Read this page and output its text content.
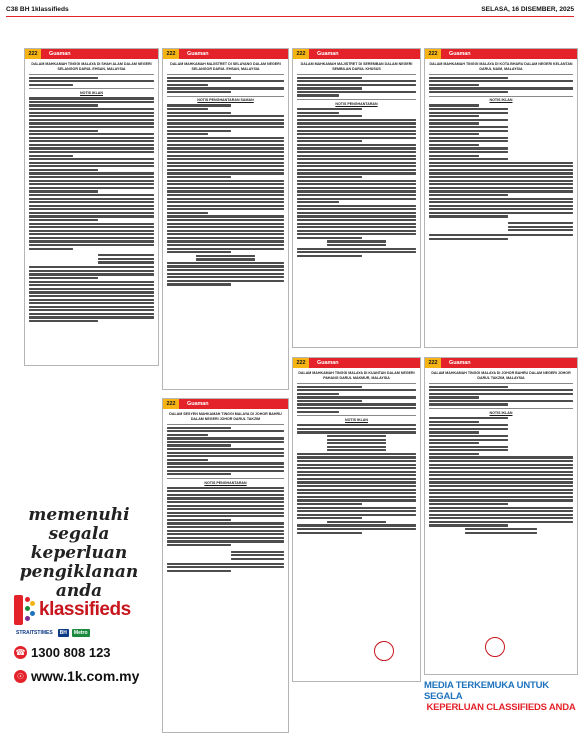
C38 BH 1klassifieds	SELASA, 16 DISEMBER, 2025
222	Guaman
DALAM MAHKAMAH TINGGI MALAYA DI SHAH ALAM DALAM NEGERI SELANGOR DARUL EHSAN, MALAYSIA
NOTIS IKLAN
memenuhi
segala
keperluan
pengiklanan
anda
klassifieds
STRAITSTIMES	BH	Metro
☎ 1300 808 123
☉ www.1k.com.my
222	Guaman
DALAM MAHKAMAH MAJISTRET DI SELAYANG DALAM NEGERI SELANGOR DARUL EHSAN, MALAYSIA
NOTIS PENGHANTARAN SAMAN
222	Guaman
DALAM SESYEN MAHKAMAH TINGGI MALAYA DI JOHOR BAHRU DALAM NEGERI JOHOR DARUL TAKZIM
NOTIS PENGHANTARAN
222	Guaman
DALAM MAHKAMAH MAJISTRET DI SEREMBAN DALAM NEGERI SEMBILAN DARUL KHUSUS
NOTIS PENGHANTARAN
222	Guaman
DALAM MAHKAMAH TINGGI MALAYA DI KUANTAN DALAM NEGERI PAHANG DARUL MAKMUR, MALAYSIA
NOTIS IKLAN
222	Guaman
DALAM MAHKAMAH TINGGI MALAYA DI KOTA BHARU DALAM NEGERI KELANTAN DARUL NAIM, MALAYSIA
NOTIS IKLAN
222	Guaman
DALAM MAHKAMAH TINGGI MALAYA DI JOHOR BAHRU DALAM NEGERI JOHOR DARUL TAKZIM, MALAYSIA
NOTIS IKLAN
MEDIA TERKEMUKA UNTUK SEGALA
KEPERLUAN CLASSIFIEDS ANDA
